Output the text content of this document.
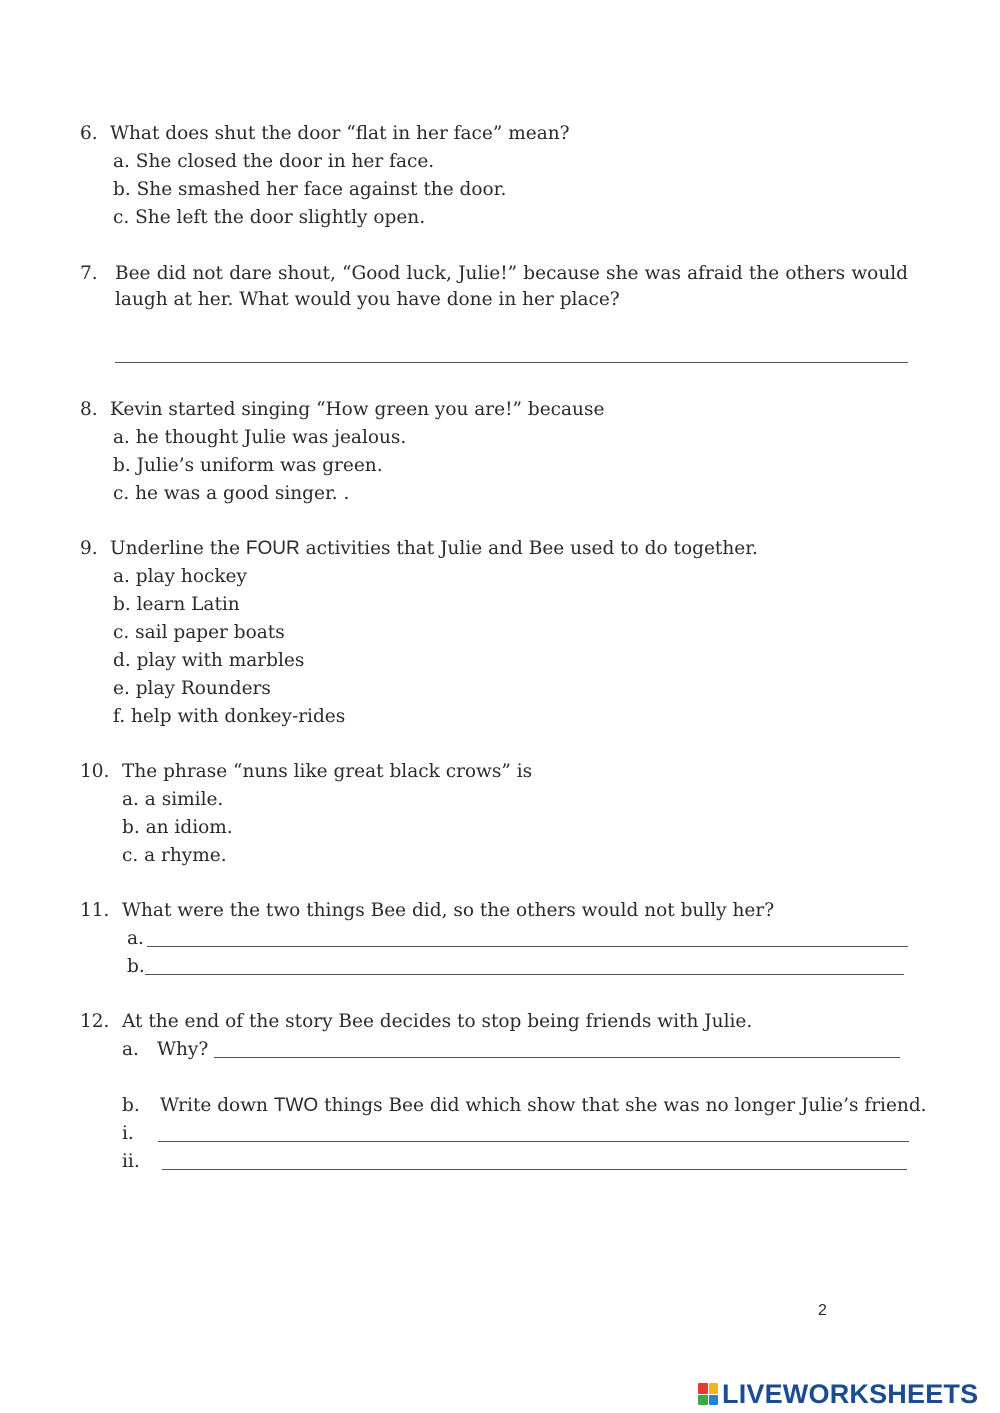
6. What does shut the door “flat in her face” mean?
a. She closed the door in her face.
b. She smashed her face against the door.
c. She left the door slightly open.
7. Bee did not dare shout, “Good luck, Julie!” because she was afraid the others would
laugh at her. What would you have done in her place?
8. Kevin started singing “How green you are!” because
a. he thought Julie was jealous.
b. Julie’s uniform was green.
c. he was a good singer. .
9. Underline the FOUR activities that Julie and Bee used to do together.
a. play hockey
b. learn Latin
c. sail paper boats
d. play with marbles
e. play Rounders
f. help with donkey-rides
10. The phrase “nuns like great black crows” is
a. a simile.
b. an idiom.
c. a rhyme.
11. What were the two things Bee did, so the others would not bully her?
a.
b.
12. At the end of the story Bee decides to stop being friends with Julie.
a. Why?
b. Write down TWO things Bee did which show that she was no longer Julie’s friend.
i.
ii.
2
LIVEWORKSHEETS
